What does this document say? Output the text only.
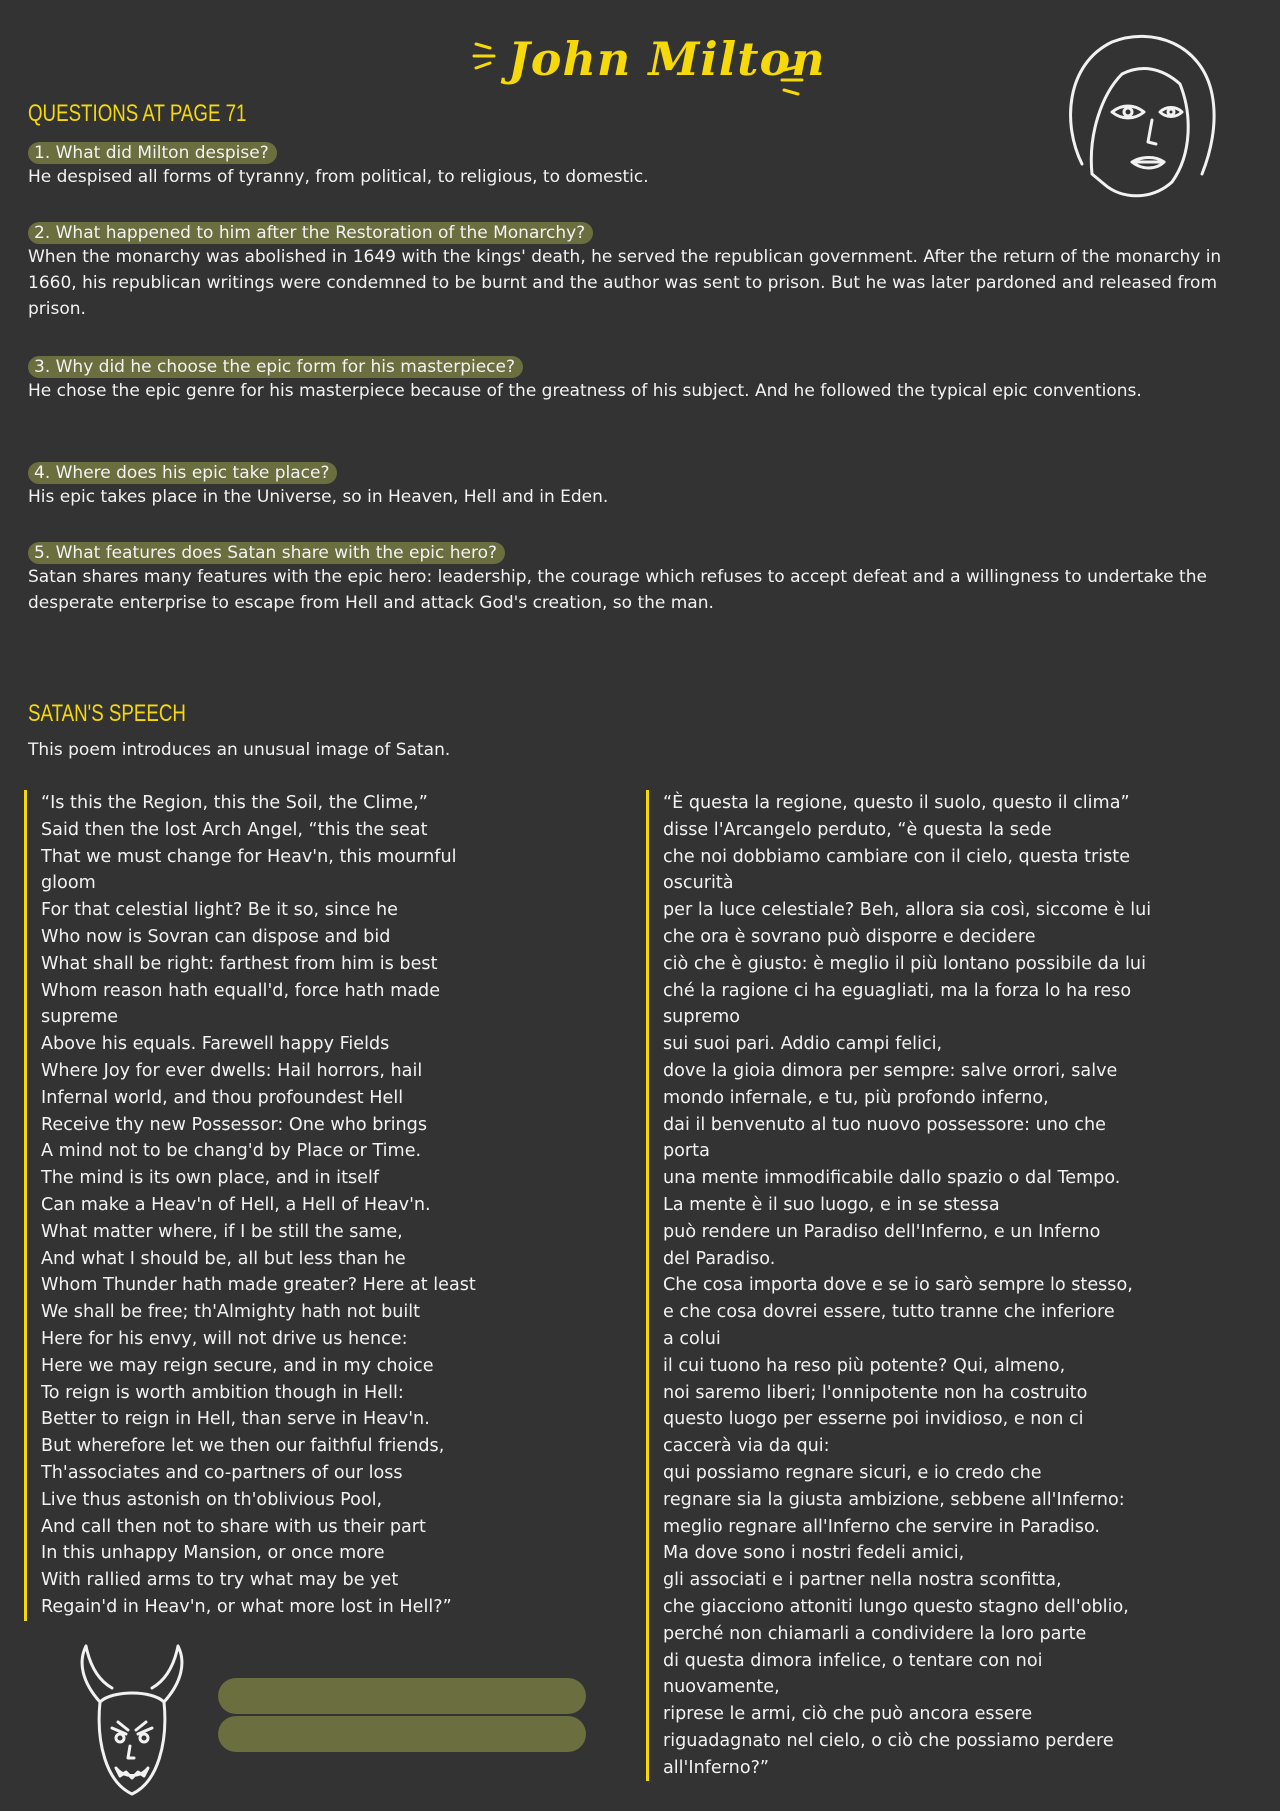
John Milton
QUESTIONS AT PAGE 71
1. What did Milton despise?

He despised all forms of tyranny, from political, to religious, to domestic.

2. What happened to him after the Restoration of the Monarchy?

When the monarchy was abolished in 1649 with the kings' death, he served the republican government. After the return of the monarchy in 1660, his republican writings were condemned to be burnt and the author was sent to prison. But he was later pardoned and released from prison.

3. Why did he choose the epic form for his masterpiece?

He chose the epic genre for his masterpiece because of the greatness of his subject. And he followed the typical epic conventions.

4. Where does his epic take place?

His epic takes place in the Universe, so in Heaven, Hell and in Eden.

5. What features does Satan share with the epic hero?

Satan shares many features with the epic hero: leadership, the courage which refuses to accept defeat and a willingness to undertake the desperate enterprise to escape from Hell and attack God's creation, so the man.

SATAN'S SPEECH
This poem introduces an unusual image of Satan.
“Is this the Region, this the Soil, the Clime,”
Said then the lost Arch Angel, “this the seat
That we must change for Heav'n, this mournful
gloom
For that celestial light? Be it so, since he
Who now is Sovran can dispose and bid
What shall be right: farthest from him is best
Whom reason hath equall'd, force hath made
supreme
Above his equals. Farewell happy Fields
Where Joy for ever dwells: Hail horrors, hail
Infernal world, and thou profoundest Hell
Receive thy new Possessor: One who brings
A mind not to be chang'd by Place or Time.
The mind is its own place, and in itself
Can make a Heav'n of Hell, a Hell of Heav'n.
What matter where, if I be still the same,
And what I should be, all but less than he
Whom Thunder hath made greater? Here at least
We shall be free; th'Almighty hath not built
Here for his envy, will not drive us hence:
Here we may reign secure, and in my choice
To reign is worth ambition though in Hell:
Better to reign in Hell, than serve in Heav'n.
But wherefore let we then our faithful friends,
Th'associates and co-partners of our loss
Live thus astonish on th'oblivious Pool,
And call then not to share with us their part
In this unhappy Mansion, or once more
With rallied arms to try what may be yet
Regain'd in Heav'n, or what more lost in Hell?”
“È questa la regione, questo il suolo, questo il clima”
disse l'Arcangelo perduto, “è questa la sede
che noi dobbiamo cambiare con il cielo, questa triste
oscurità
per la luce celestiale? Beh, allora sia così, siccome è lui
che ora è sovrano può disporre e decidere
ciò che è giusto: è meglio il più lontano possibile da lui
ché la ragione ci ha eguagliati, ma la forza lo ha reso
supremo
sui suoi pari. Addio campi felici,
dove la gioia dimora per sempre: salve orrori, salve
mondo infernale, e tu, più profondo inferno,
dai il benvenuto al tuo nuovo possessore: uno che
porta
una mente immodificabile dallo spazio o dal Tempo.
La mente è il suo luogo, e in se stessa
può rendere un Paradiso dell'Inferno, e un Inferno
del Paradiso.
Che cosa importa dove e se io sarò sempre lo stesso,
e che cosa dovrei essere, tutto tranne che inferiore
a colui
il cui tuono ha reso più potente? Qui, almeno,
noi saremo liberi; l'onnipotente non ha costruito
questo luogo per esserne poi invidioso, e non ci
caccerà via da qui:
qui possiamo regnare sicuri, e io credo che
regnare sia la giusta ambizione, sebbene all'Inferno:
meglio regnare all'Inferno che servire in Paradiso.
Ma dove sono i nostri fedeli amici,
gli associati e i partner nella nostra sconfitta,
che giacciono attoniti lungo questo stagno dell'oblio,
perché non chiamarli a condividere la loro parte
di questa dimora infelice, o tentare con noi
nuovamente,
riprese le armi, ciò che può ancora essere
riguadagnato nel cielo, o ciò che possiamo perdere
all'Inferno?”
